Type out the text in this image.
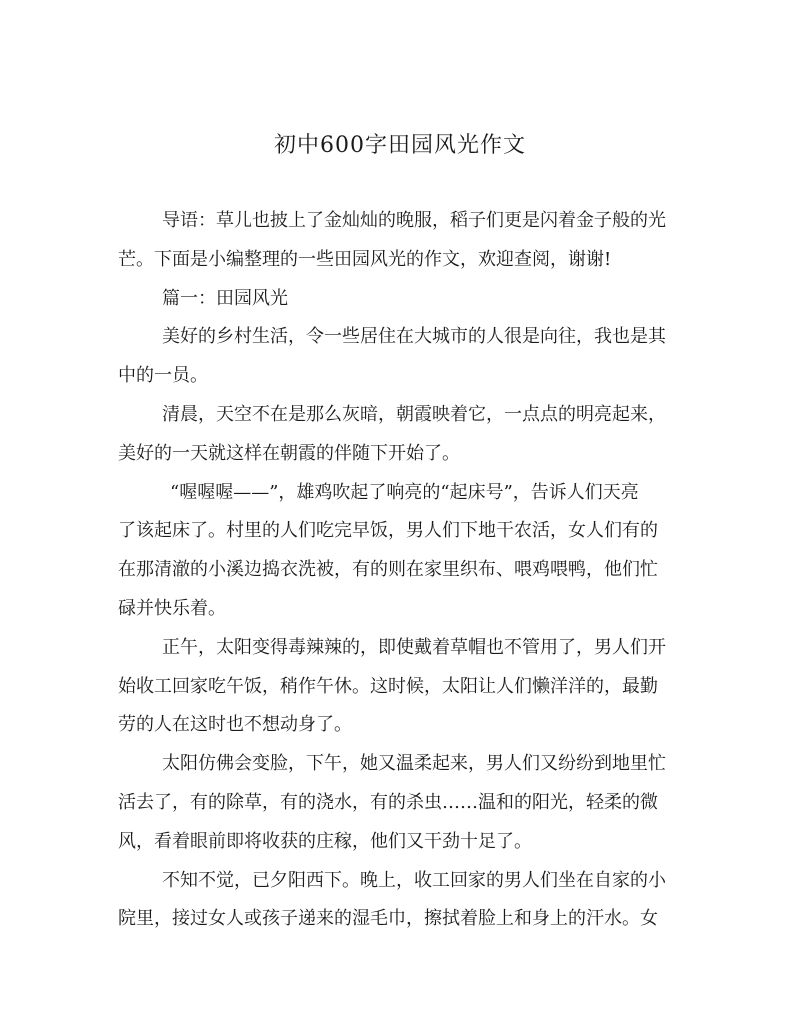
初中600字田园风光作文
导语：草儿也披上了金灿灿的晚服，稻子们更是闪着金子般的光
芒。下面是小编整理的一些田园风光的作文，欢迎查阅，谢谢!
篇一：田园风光
美好的乡村生活，令一些居住在大城市的人很是向往，我也是其
中的一员。
清晨，天空不在是那么灰暗，朝霞映着它，一点点的明亮起来，
美好的一天就这样在朝霞的伴随下开始了。
“喔喔喔——”，雄鸡吹起了响亮的“起床号”，告诉人们天亮
了该起床了。村里的人们吃完早饭，男人们下地干农活，女人们有的
在那清澈的小溪边捣衣洗被，有的则在家里织布、喂鸡喂鸭，他们忙
碌并快乐着。
正午，太阳变得毒辣辣的，即使戴着草帽也不管用了，男人们开
始收工回家吃午饭，稍作午休。这时候，太阳让人们懒洋洋的，最勤
劳的人在这时也不想动身了。
太阳仿佛会变脸，下午，她又温柔起来，男人们又纷纷到地里忙
活去了，有的除草，有的浇水，有的杀虫……温和的阳光，轻柔的微
风，看着眼前即将收获的庄稼，他们又干劲十足了。
不知不觉，已夕阳西下。晚上，收工回家的男人们坐在自家的小
院里，接过女人或孩子递来的湿毛巾，擦拭着脸上和身上的汗水。女
